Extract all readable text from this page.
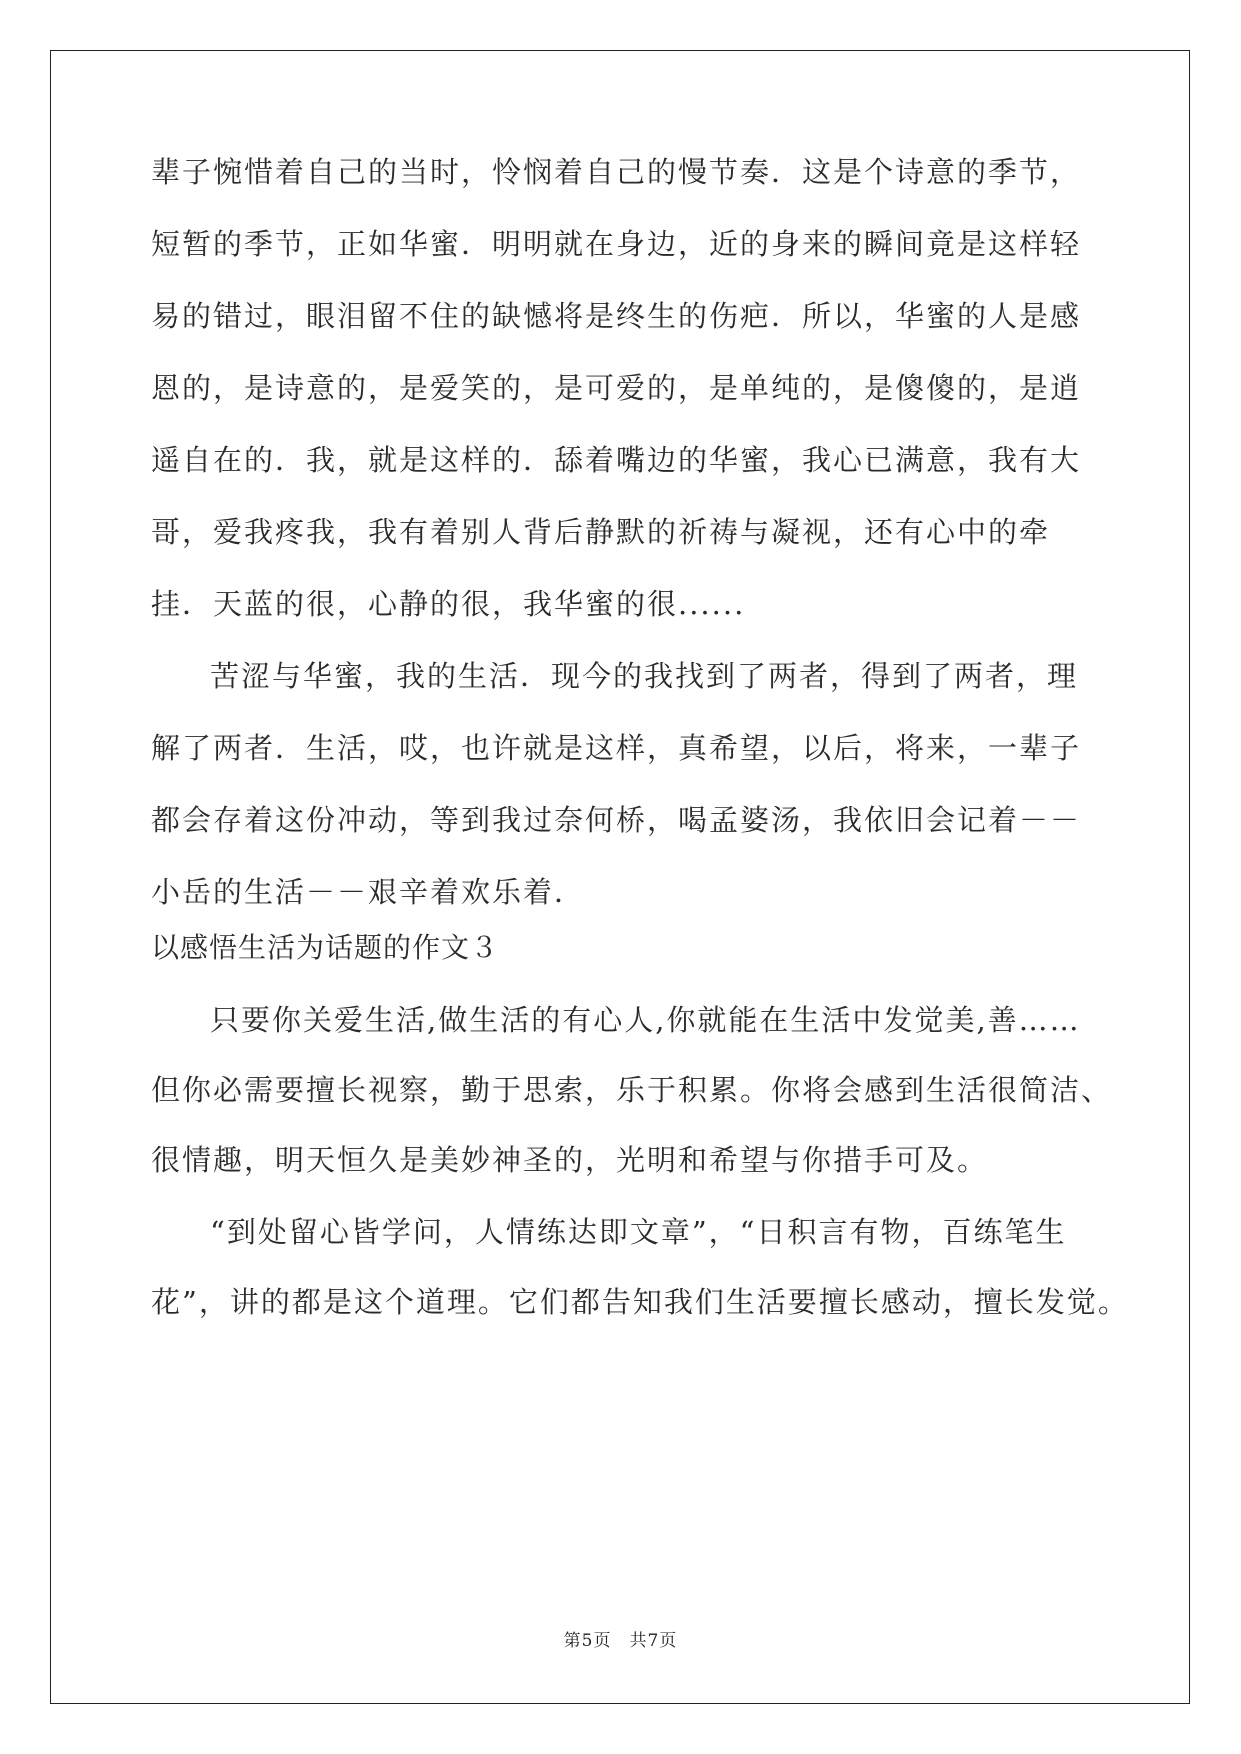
辈子惋惜着自己的当时，怜悯着自己的慢节奏．这是个诗意的季节，
短暂的季节，正如华蜜．明明就在身边，近的身来的瞬间竟是这样轻
易的错过，眼泪留不住的缺憾将是终生的伤疤．所以，华蜜的人是感
恩的，是诗意的，是爱笑的，是可爱的，是单纯的，是傻傻的，是逍
遥自在的．我，就是这样的．舔着嘴边的华蜜，我心已满意，我有大
哥，爱我疼我，我有着别人背后静默的祈祷与凝视，还有心中的牵
挂．天蓝的很，心静的很，我华蜜的很......
苦涩与华蜜，我的生活．现今的我找到了两者，得到了两者，理
解了两者．生活，哎，也许就是这样，真希望，以后，将来，一辈子
都会存着这份冲动，等到我过奈何桥，喝孟婆汤，我依旧会记着－－
小岳的生活－－艰辛着欢乐着．
以感悟生活为话题的作文３
只要你关爱生活,做生活的有心人,你就能在生活中发觉美,善……
但你必需要擅长视察，勤于思索，乐于积累。你将会感到生活很简洁、
很情趣，明天恒久是美妙神圣的，光明和希望与你措手可及。
“到处留心皆学问，人情练达即文章”，“日积言有物，百练笔生
花”，讲的都是这个道理。它们都告知我们生活要擅长感动，擅长发觉。
第5页　共7页
